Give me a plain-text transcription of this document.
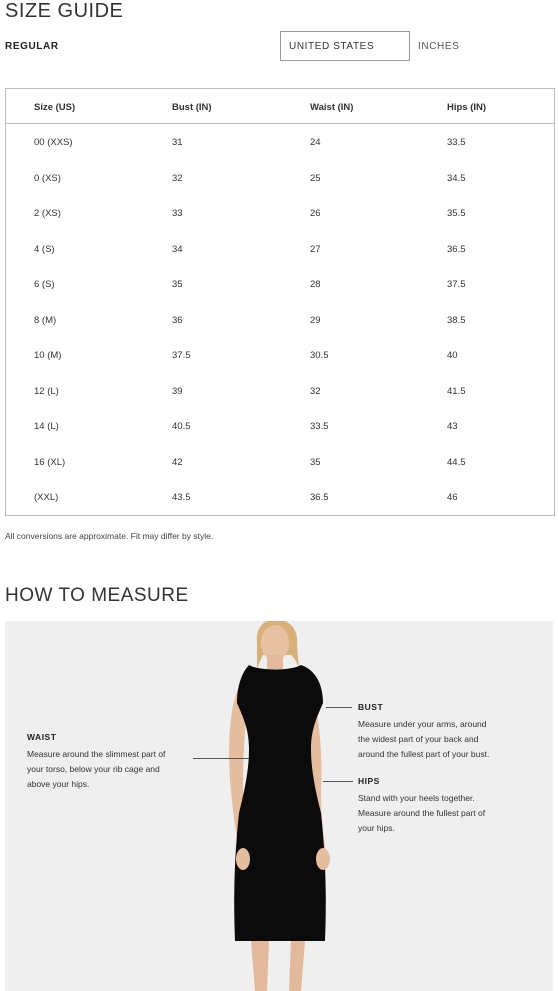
SIZE GUIDE
REGULAR	UNITED STATES	INCHES
Size (US)	Bust (IN)	Waist (IN)	Hips (IN)
00 (XXS)	31	24	33.5
0 (XS)	32	25	34.5
2 (XS)	33	26	35.5
4 (S)	34	27	36.5
6 (S)	35	28	37.5
8 (M)	36	29	38.5
10 (M)	37.5	30.5	40
12 (L)	39	32	41.5
14 (L)	40.5	33.5	43
16 (XL)	42	35	44.5
(XXL)	43.5	36.5	46
All conversions are approximate. Fit may differ by style.
HOW TO MEASURE
WAIST
Measure around the slimmest part of
your torso, below your rib cage and
above your hips.
BUST
Measure under your arms, around
the widest part of your back and
around the fullest part of your bust.
HIPS
Stand with your heels together.
Measure around the fullest part of
your hips.
